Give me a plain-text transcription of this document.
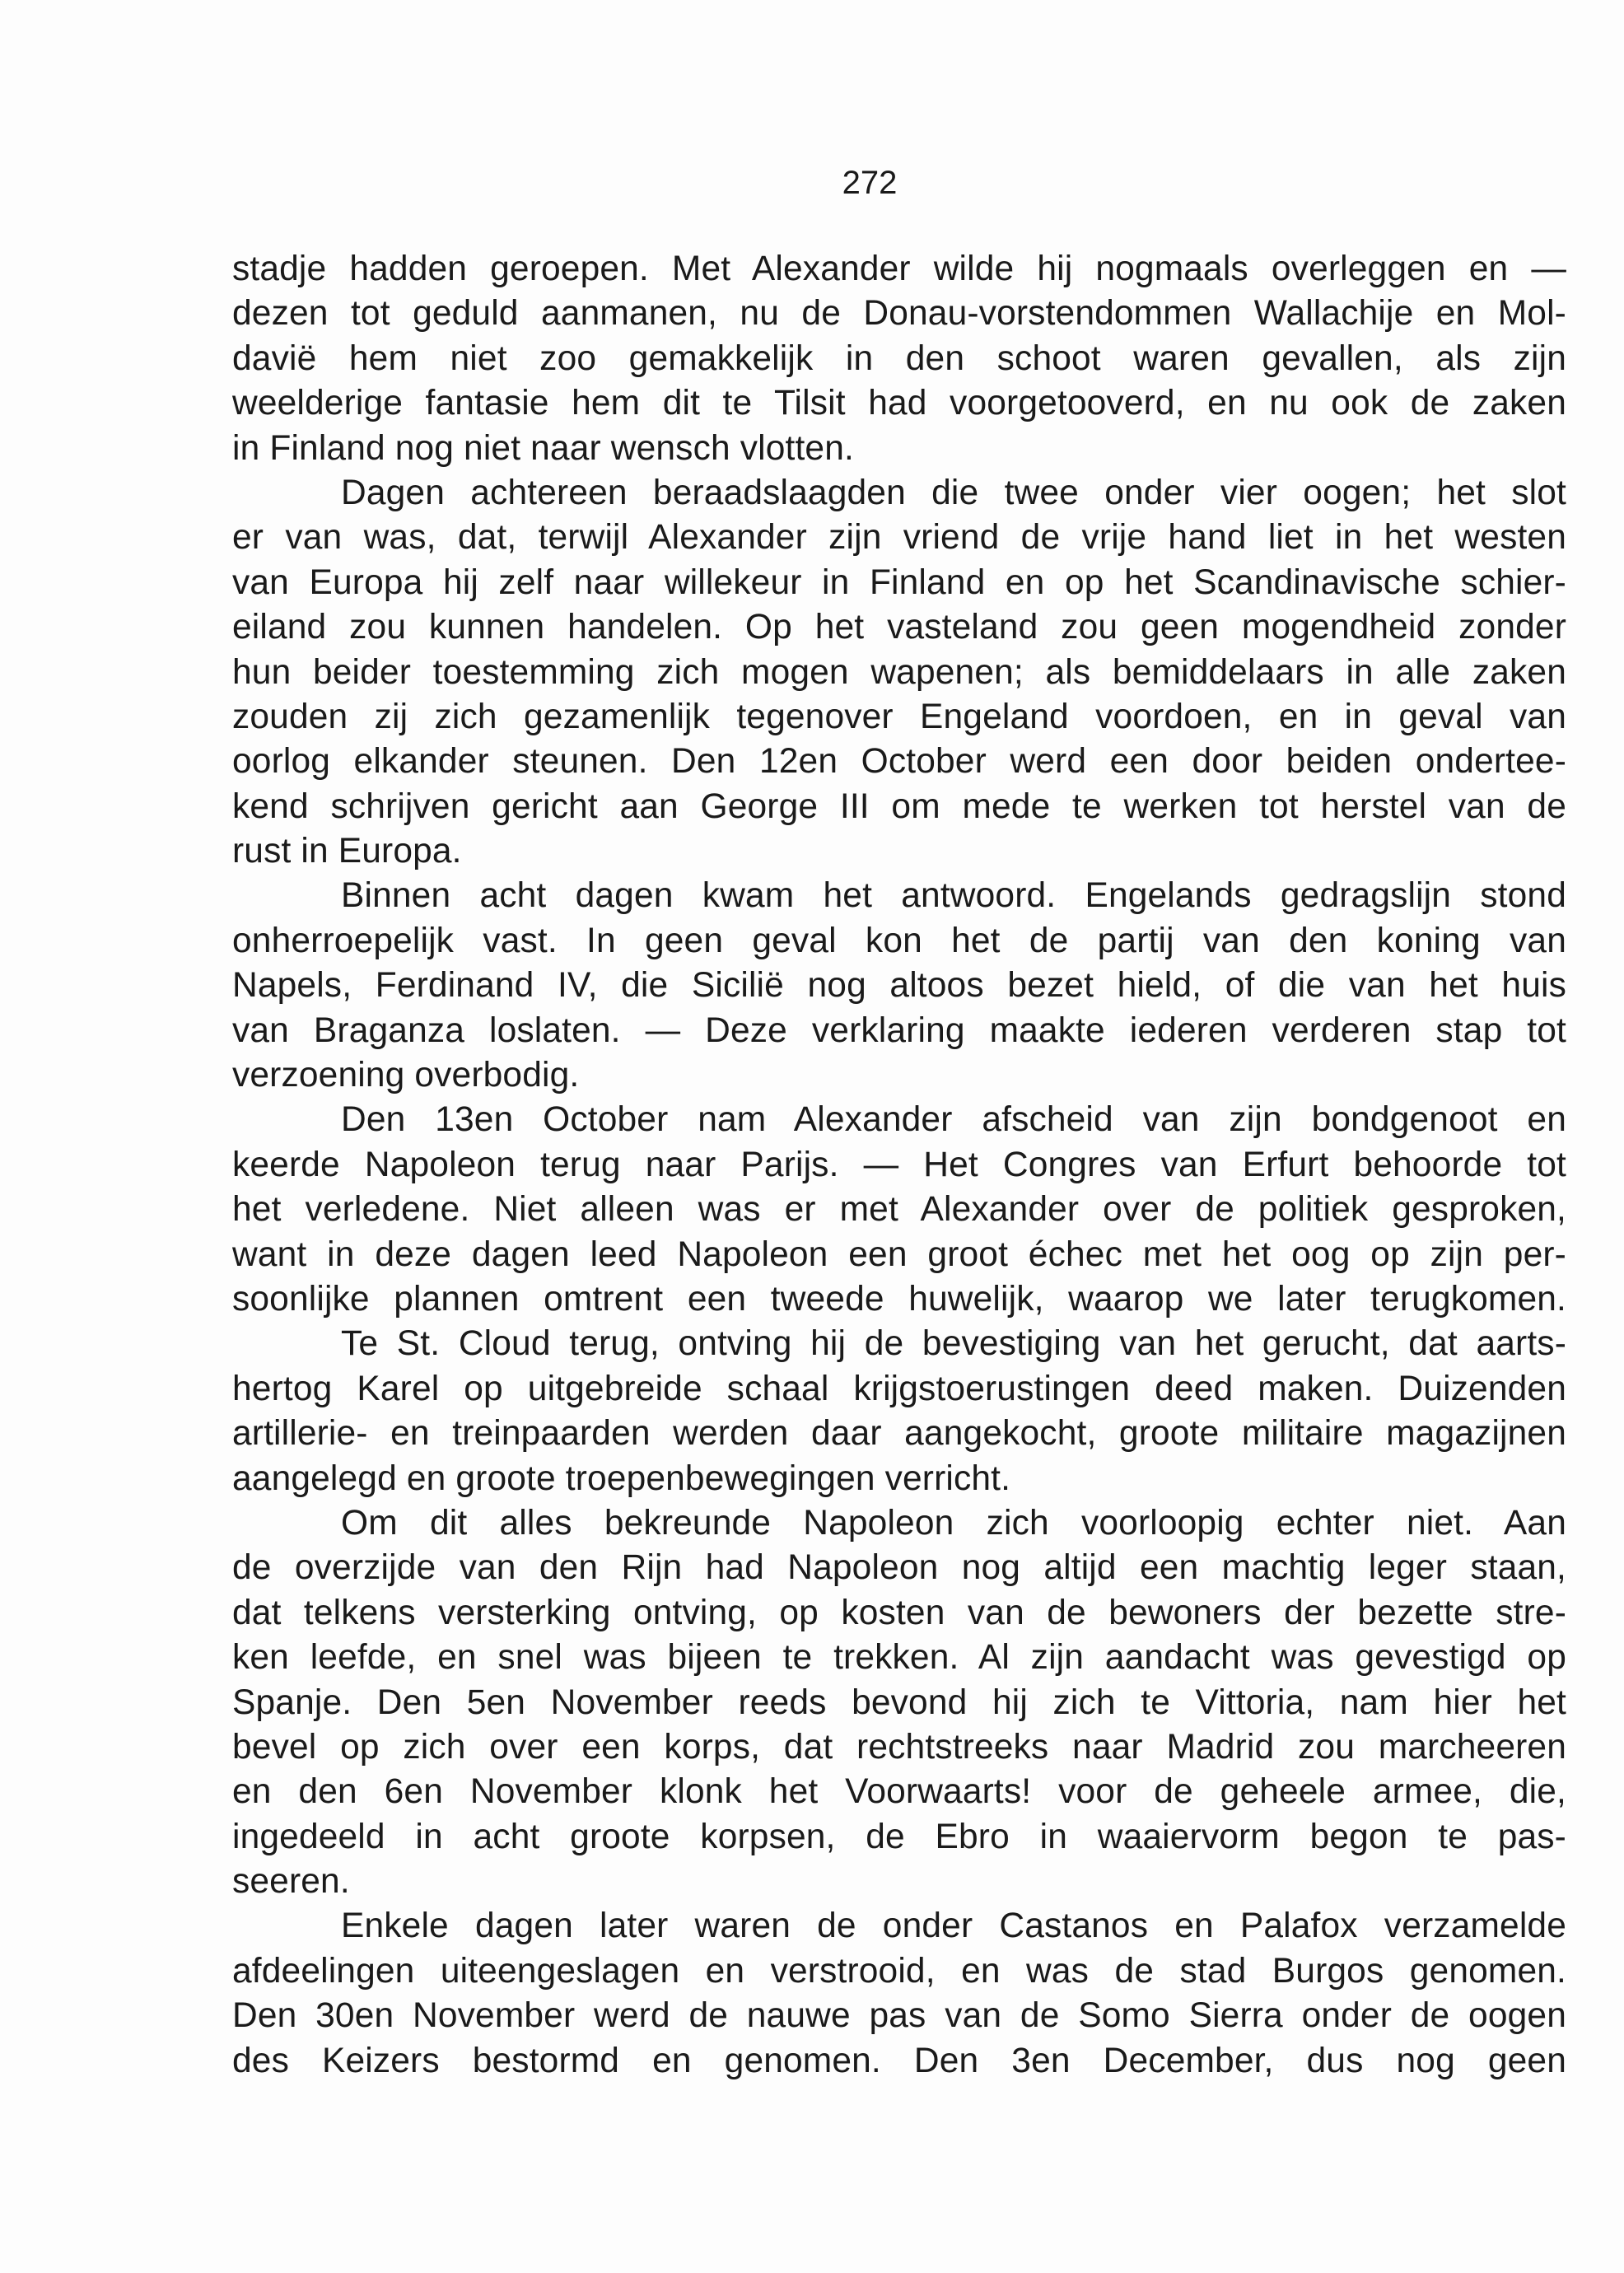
272
stadje hadden geroepen. Met Alexander wilde hij nogmaals overleggen en —
dezen tot geduld aanmanen, nu de Donau-vorstendommen Wallachije en Mol-
davië hem niet zoo gemakkelijk in den schoot waren gevallen, als zijn
weelderige fantasie hem dit te Tilsit had voorgetooverd, en nu ook de zaken
in Finland nog niet naar wensch vlotten.
Dagen achtereen beraadslaagden die twee onder vier oogen; het slot
er van was, dat, terwijl Alexander zijn vriend de vrije hand liet in het westen
van Europa hij zelf naar willekeur in Finland en op het Scandinavische schier-
eiland zou kunnen handelen. Op het vasteland zou geen mogendheid zonder
hun beider toestemming zich mogen wapenen; als bemiddelaars in alle zaken
zouden zij zich gezamenlijk tegenover Engeland voordoen, en in geval van
oorlog elkander steunen. Den 12en October werd een door beiden onderteе-
kend schrijven gericht aan George III om mede te werken tot herstel van de
rust in Europa.
Binnen acht dagen kwam het antwoord. Engelands gedragslijn stond
onherroepelijk vast. In geen geval kon het de partij van den koning van
Napels, Ferdinand IV, die Sicilië nog altoos bezet hield, of die van het huis
van Braganza loslaten. — Deze verklaring maakte iederen verderen stap tot
verzoening overbodig.
Den 13en October nam Alexander afscheid van zijn bondgenoot en
keerde Napoleon terug naar Parijs. — Het Congres van Erfurt behoorde tot
het verledene. Niet alleen was er met Alexander over de politiek gesproken,
want in deze dagen leed Napoleon een groot échec met het oog op zijn per-
soonlijke plannen omtrent een tweede huwelijk, waarop we later terugkomen.
Te St. Cloud terug, ontving hij de bevestiging van het gerucht, dat aarts-
hertog Karel op uitgebreide schaal krijgstoerustingen deed maken. Duizenden
artillerie- en treinpaarden werden daar aangekocht, groote militaire magazijnen
aangelegd en groote troepenbewegingen verricht.
Om dit alles bekreunde Napoleon zich voorloopig echter niet. Aan
de overzijde van den Rijn had Napoleon nog altijd een machtig leger staan,
dat telkens versterking ontving, op kosten van de bewoners der bezette stre-
ken leefde, en snel was bijeen te trekken. Al zijn aandacht was gevestigd op
Spanje. Den 5en November reeds bevond hij zich te Vittoria, nam hier het
bevel op zich over een korps, dat rechtstreeks naar Madrid zou marcheeren
en den 6en November klonk het Voorwaarts! voor de geheele armee, die,
ingedeeld in acht groote korpsen, de Ebro in waaiervorm begon te pas-
seeren.
Enkele dagen later waren de onder Castanos en Palafox verzamelde
afdeelingen uiteengeslagen en verstrooid, en was de stad Burgos genomen.
Den 30en November werd de nauwe pas van de Somo Sierra onder de oogen
des Keizers bestormd en genomen. Den 3en December, dus nog geen
